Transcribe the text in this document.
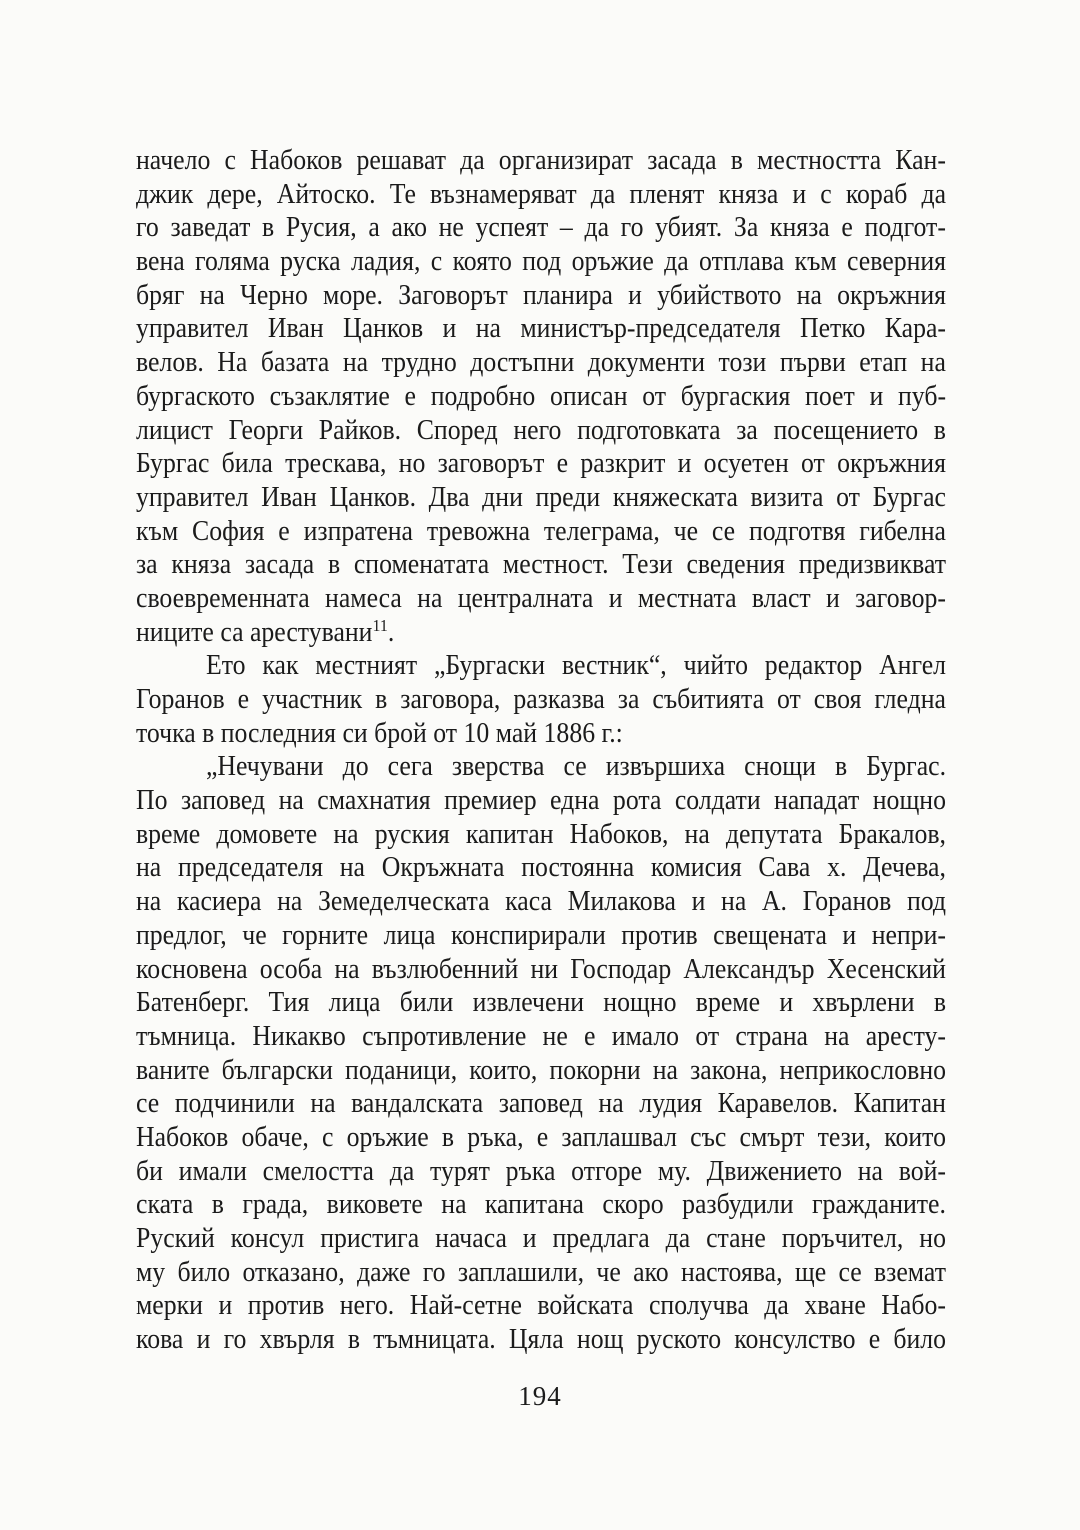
начело с Набоков решават да организират засада в местността Кан-
джик дере, Айтоско. Те възнамеряват да пленят княза и с кораб да
го заведат в Русия, а ако не успеят – да го убият. За княза е подгот-
вена голяма руска ладия, с която под оръжие да отплава към северния
бряг на Черно море. Заговорът планира и убийството на окръжния
управител Иван Цанков и на министър-председателя Петко Кара-
велов. На базата на трудно достъпни документи този първи етап на
бургаското съзаклятие е подробно описан от бургаския поет и пуб-
лицист Георги Райков. Според него подготовката за посещението в
Бургас била трескава, но заговорът е разкрит и осуетен от окръжния
управител Иван Цанков. Два дни преди княжеската визита от Бургас
към София е изпратена тревожна телеграма, че се подготвя гибелна
за княза засада в споменатата местност. Тези сведения предизвикват
своевременната намеса на централната и местната власт и заговор-
ниците са арестувани$^{11}$.
Ето как местният „Бургаски вестник“, чийто редактор Ангел
Горанов е участник в заговора, разказва за събитията от своя гледна
точка в последния си брой от 10 май 1886 г.:
„Нечувани до сега зверства се извършиха снощи в Бургас.
По заповед на смахнатия премиер една рота солдати нападат нощно
време домовете на руския капитан Набоков, на депутата Бракалов,
на председателя на Окръжната постоянна комисия Сава х. Дечева,
на касиера на Земеделческата каса Милакова и на А. Горанов под
предлог, че горните лица конспирирали против свещената и непри-
косновена особа на възлюбенний ни Господар Александър Хесенский
Батенберг. Тия лица били извлечени нощно време и хвърлени в
тъмница. Никакво съпротивление не е имало от страна на аресту-
ваните български поданици, които, покорни на закона, неприкословно
се подчинили на вандалската заповед на лудия Каравелов. Капитан
Набоков обаче, с оръжие в ръка, е заплашвал със смърт тези, които
би имали смелостта да турят ръка отгоре му. Движението на вой-
ската в града, виковете на капитана скоро разбудили гражданите.
Руский консул пристига начаса и предлага да стане поръчител, но
му било отказано, даже го заплашили, че ако настоява, ще се вземат
мерки и против него. Най-сетне войската сполучва да хване Набо-
кова и го хвърля в тъмницата. Цяла нощ руското консулство е било
194
